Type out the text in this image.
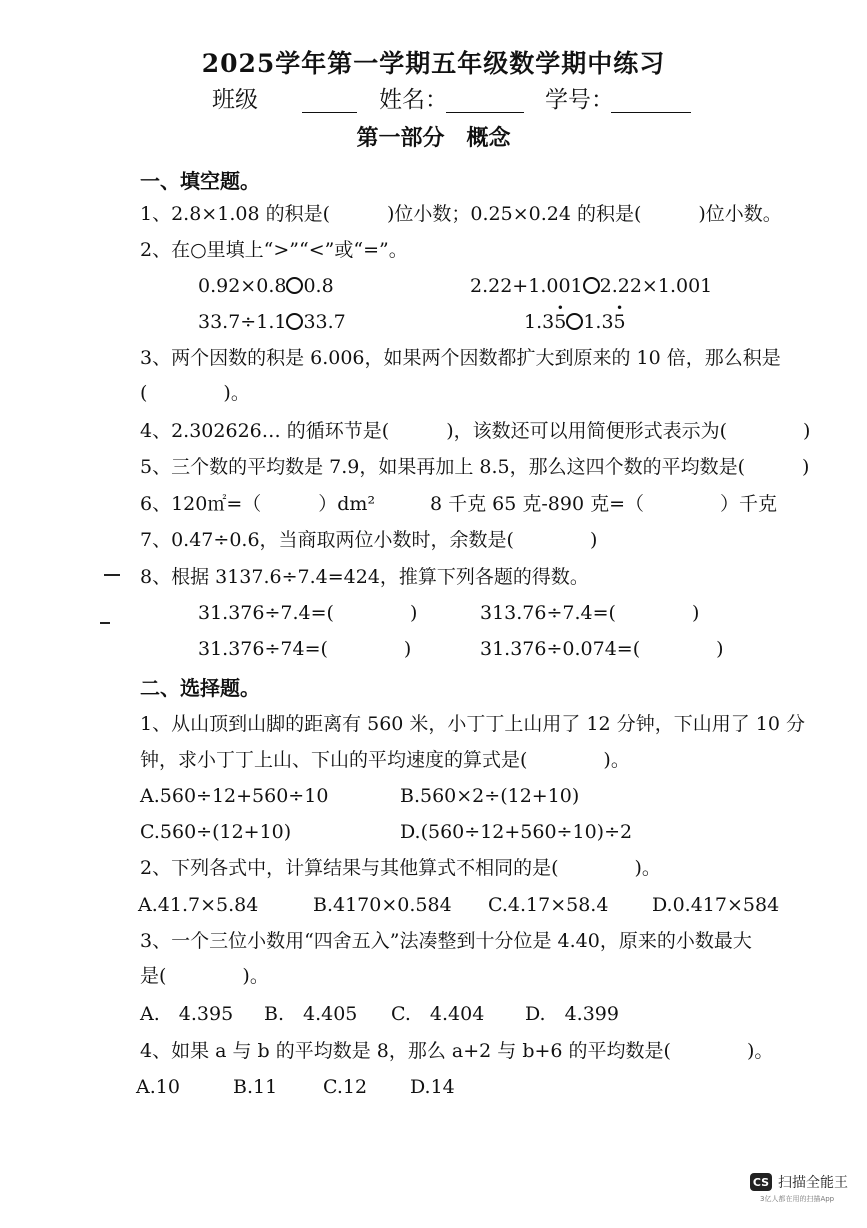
2025学年第一学期五年级数学期中练习
班级	姓名：	学号：
第一部分　概念
一、填空题。
1、2.8×1.08 的积是(　　　)位小数；0.25×0.24 的积是(　　　)位小数。
2、在○里填上“>”“<”或“=”。
0.92×0.8 0.8	2.22+1.001 2.22×1.001
33.7÷1.1 33.7	1.35 · 1.35 ·
3、两个因数的积是 6.006，如果两个因数都扩大到原来的 10 倍，那么积是
(　　　　)。
4、2.302626… 的循环节是(　　　)，该数还可以用简便形式表示为(　　　　)
5、三个数的平均数是 7.9，如果再加上 8.5，那么这四个数的平均数是(　　　)
6、120㎡=（　　　）dm²	8 千克 65 克-890 克=（　　　　）千克
7、0.47÷0.6，当商取两位小数时，余数是(　　　　)
8、根据 3137.6÷7.4=424，推算下列各题的得数。
31.376÷7.4=(　　　　)	313.76÷7.4=(　　　　)
31.376÷74=(　　　　)	31.376÷0.074=(　　　　)
二、选择题。
1、从山顶到山脚的距离有 560 米，小丁丁上山用了 12 分钟，下山用了 10 分
钟，求小丁丁上山、下山的平均速度的算式是(　　　　)。
A.560÷12+560÷10	B.560×2÷(12+10)
C.560÷(12+10)	D.(560÷12+560÷10)÷2
2、下列各式中，计算结果与其他算式不相同的是(　　　　)。
A.41.7×5.84	B.4170×0.584 C.4.17×58.4 D.0.417×584
3、一个三位小数用“四舍五入”法凑整到十分位是 4.40，原来的小数最大
是(　　　　)。
A.　4.395 B.　4.405 C.　4.404 D.　4.399
4、如果 a 与 b 的平均数是 8，那么 a+2 与 b+6 的平均数是(　　　　)。
A.10	B.11 C.12 D.14
CS 扫描全能王
3亿人都在用的扫描App
